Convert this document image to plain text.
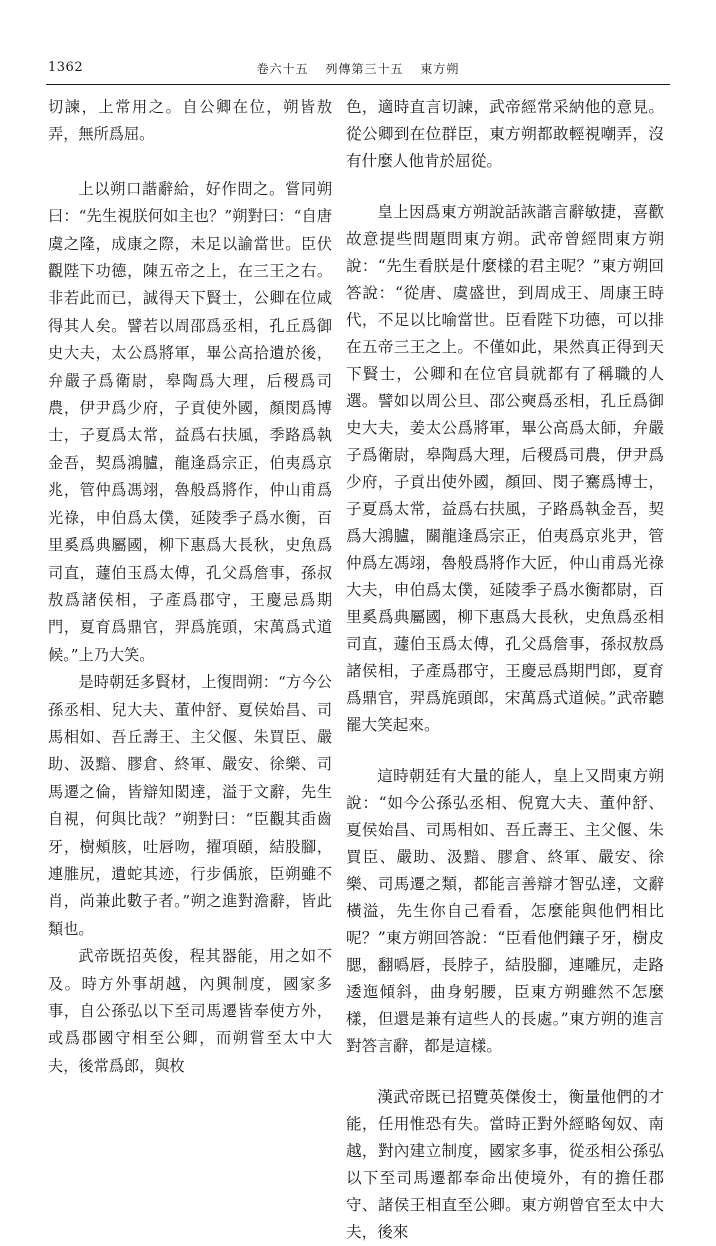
1362	卷六十五 列傳第三十五 東方朔

切諫，上常用之。自公卿在位，朔皆敖弄，無所爲屈。

上以朔口諧辭給，好作問之。嘗同朔曰：“先生視朕何如主也？”朔對曰：“自唐虞之隆，成康之際，未足以諭當世。臣伏觀陛下功德，陳五帝之上，在三王之右。非若此而已，誠得天下賢士，公卿在位咸得其人矣。譬若以周邵爲丞相，孔丘爲御史大夫，太公爲將軍，畢公高拾遺於後，弁嚴子爲衛尉，皋陶爲大理，后稷爲司農，伊尹爲少府，子貢使外國，顏閔爲博士，子夏爲太常，益爲右扶風，季路爲執金吾，契爲鴻臚，龍逢爲宗正，伯夷爲京兆，管仲爲馮翊，魯般爲將作，仲山甫爲光祿，申伯爲太僕，延陵季子爲水衡，百里奚爲典屬國，柳下惠爲大長秋，史魚爲司直，蘧伯玉爲太傅，孔父爲詹事，孫叔敖爲諸侯相，子產爲郡守，王慶忌爲期門，夏育爲鼎官，羿爲旄頭，宋萬爲式道候。”上乃大笑。

是時朝廷多賢材，上復問朔：“方今公孫丞相、兒大夫、董仲舒、夏侯始昌、司馬相如、吾丘壽王、主父偃、朱買臣、嚴助、汲黯、膠倉、終軍、嚴安、徐樂、司馬遷之倫，皆辯知閎達，溢于文辭，先生自視，何與比哉？”朔對曰：“臣觀其臿齒牙，樹頰胲，吐唇吻，擢項頤，結股腳，連脽尻，遺蛇其迹，行步偊旅，臣朔雖不肖，尚兼此數子者。”朔之進對澹辭，皆此類也。

武帝既招英俊，程其器能，用之如不及。時方外事胡越，內興制度，國家多事，自公孫弘以下至司馬遷皆奉使方外，或爲郡國守相至公卿，而朔嘗至太中大夫，後常爲郎，與枚

色，適時直言切諫，武帝經常采納他的意見。從公卿到在位群臣，東方朔都敢輕視嘲弄，沒有什麼人他肯於屈從。

皇上因爲東方朔說話詼諧言辭敏捷，喜歡故意提些問題問東方朔。武帝曾經問東方朔說：“先生看朕是什麼樣的君主呢？”東方朔回答說：“從唐、虞盛世，到周成王、周康王時代，不足以比喻當世。臣看陛下功德，可以排在五帝三王之上。不僅如此，果然真正得到天下賢士，公卿和在位官員就都有了稱職的人選。譬如以周公旦、邵公奭爲丞相，孔丘爲御史大夫，姜太公爲將軍，畢公高爲太師，弁嚴子爲衛尉，皋陶爲大理，后稷爲司農，伊尹爲少府，子貢出使外國，顏回、閔子騫爲博士，子夏爲太常，益爲右扶風，子路爲執金吾，契爲大鴻臚，關龍逢爲宗正，伯夷爲京兆尹，管仲爲左馮翊，魯般爲將作大匠，仲山甫爲光祿大夫，申伯爲太僕，延陵季子爲水衡都尉，百里奚爲典屬國，柳下惠爲大長秋，史魚爲丞相司直，蘧伯玉爲太傅，孔父爲詹事，孫叔敖爲諸侯相，子產爲郡守，王慶忌爲期門郎，夏育爲鼎官，羿爲旄頭郎，宋萬爲式道候。”武帝聽罷大笑起來。

這時朝廷有大量的能人，皇上又問東方朔說：“如今公孫弘丞相、倪寬大夫、董仲舒、夏侯始昌、司馬相如、吾丘壽王、主父偃、朱買臣、嚴助、汲黯、膠倉、終軍、嚴安、徐樂、司馬遷之類，都能言善辯才智弘達，文辭橫溢，先生你自己看看，怎麼能與他們相比呢？”東方朔回答說：“臣看他們鑲子牙，樹皮腮，翻噅唇，長脖子，結股腳，連雕尻，走路逶迤傾斜，曲身躬腰，臣東方朔雖然不怎麼樣，但還是兼有這些人的長處。”東方朔的進言對答言辭，都是這樣。

漢武帝既已招覽英傑俊士，衡量他們的才能，任用惟恐有失。當時正對外經略匈奴、南越，對內建立制度，國家多事，從丞相公孫弘以下至司馬遷都奉命出使境外，有的擔任郡守、諸侯王相直至公卿。東方朔曾官至太中大夫，後來
